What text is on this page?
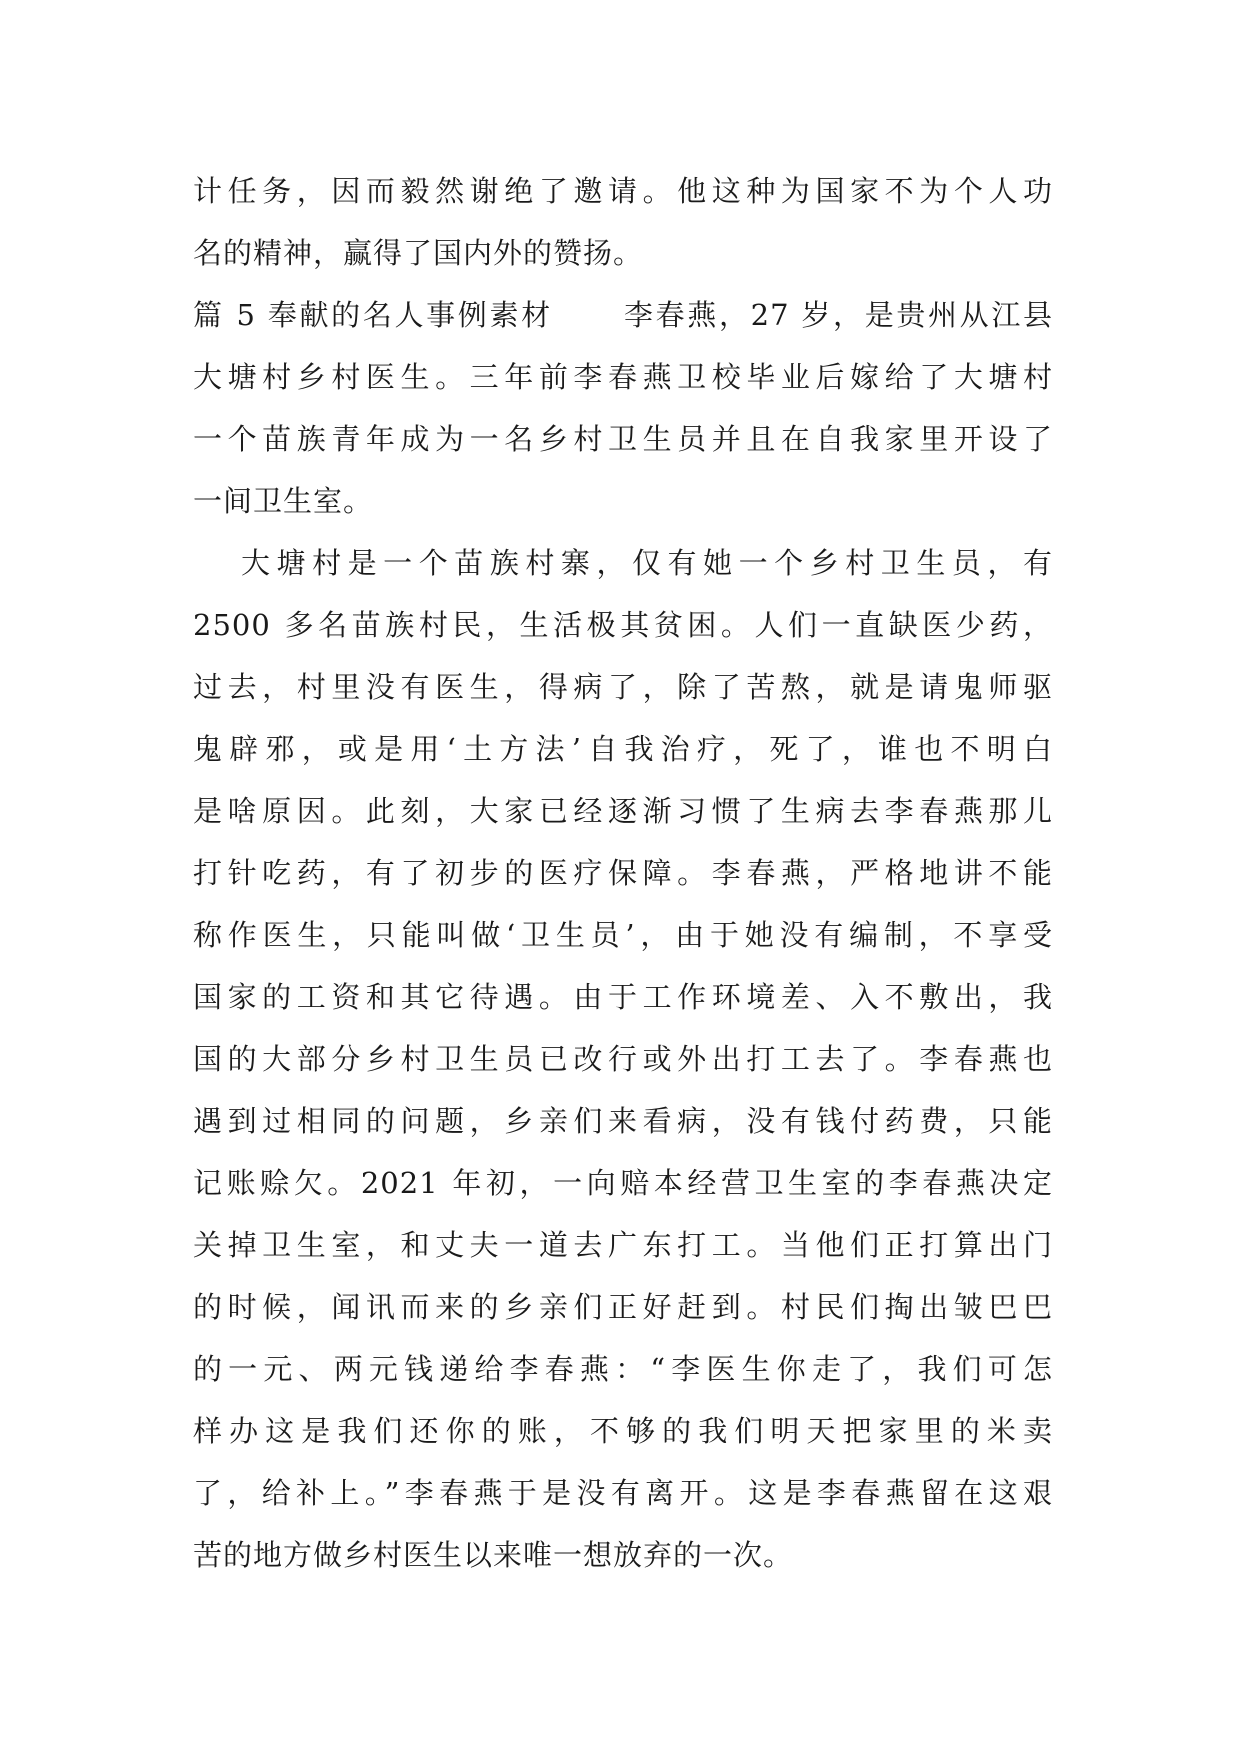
计任务，因而毅然谢绝了邀请。他这种为国家不为个人功
名的精神，赢得了国内外的赞扬。
篇 5 奉献的名人事例素材      李春燕，27 岁，是贵州从江县
大塘村乡村医生。三年前李春燕卫校毕业后嫁给了大塘村
一个苗族青年成为一名乡村卫生员并且在自我家里开设了
一间卫生室。
大塘村是一个苗族村寨，仅有她一个乡村卫生员，有
2500 多名苗族村民，生活极其贫困。人们一直缺医少药，
过去，村里没有医生，得病了，除了苦熬，就是请鬼师驱
鬼辟邪，或是用‘土方法’自我治疗，死了，谁也不明白
是啥原因。此刻，大家已经逐渐习惯了生病去李春燕那儿
打针吃药，有了初步的医疗保障。李春燕，严格地讲不能
称作医生，只能叫做‘卫生员’，由于她没有编制，不享受
国家的工资和其它待遇。由于工作环境差、入不敷出，我
国的大部分乡村卫生员已改行或外出打工去了。李春燕也
遇到过相同的问题，乡亲们来看病，没有钱付药费，只能
记账赊欠。2021 年初，一向赔本经营卫生室的李春燕决定
关掉卫生室，和丈夫一道去广东打工。当他们正打算出门
的时候，闻讯而来的乡亲们正好赶到。村民们掏出皱巴巴
的一元、两元钱递给李春燕：“李医生你走了，我们可怎
样办这是我们还你的账，不够的我们明天把家里的米卖
了，给补上。”李春燕于是没有离开。这是李春燕留在这艰
苦的地方做乡村医生以来唯一想放弃的一次。
